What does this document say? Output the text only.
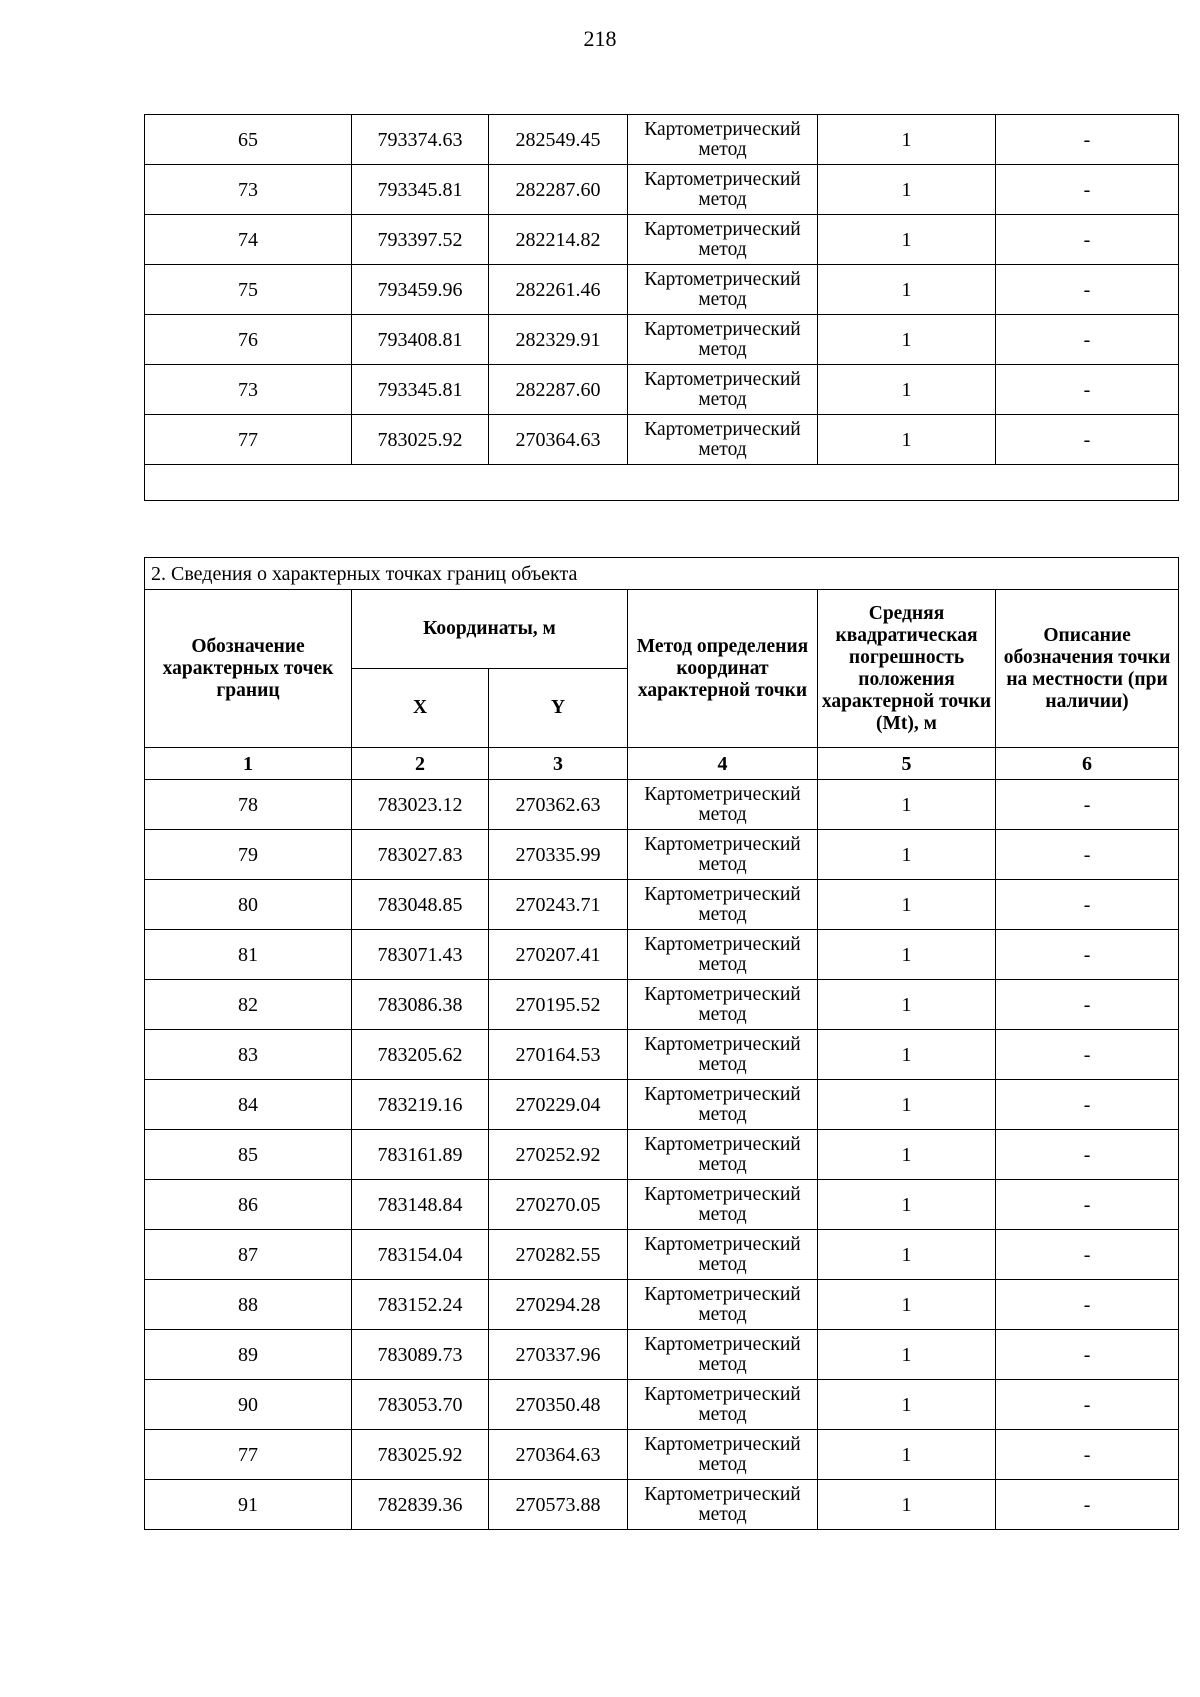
218
65	793374.63	282549.45	Картометрический метод	1	-
73	793345.81	282287.60	Картометрический метод	1	-
74	793397.52	282214.82	Картометрический метод	1	-
75	793459.96	282261.46	Картометрический метод	1	-
76	793408.81	282329.91	Картометрический метод	1	-
73	793345.81	282287.60	Картометрический метод	1	-
77	783025.92	270364.63	Картометрический метод	1	-

2. Сведения о характерных точках границ объекта					
Обозначение характерных точек границ	Координаты, м		Метод определения координат характерной точки	Средняя квадратическая погрешность положения характерной точки (Mt), м	Описание обозначения точки на местности (при наличии)
	X	Y			
1	2	3	4	5	6
78	783023.12	270362.63	Картометрический метод	1	-
79	783027.83	270335.99	Картометрический метод	1	-
80	783048.85	270243.71	Картометрический метод	1	-
81	783071.43	270207.41	Картометрический метод	1	-
82	783086.38	270195.52	Картометрический метод	1	-
83	783205.62	270164.53	Картометрический метод	1	-
84	783219.16	270229.04	Картометрический метод	1	-
85	783161.89	270252.92	Картометрический метод	1	-
86	783148.84	270270.05	Картометрический метод	1	-
87	783154.04	270282.55	Картометрический метод	1	-
88	783152.24	270294.28	Картометрический метод	1	-
89	783089.73	270337.96	Картометрический метод	1	-
90	783053.70	270350.48	Картометрический метод	1	-
77	783025.92	270364.63	Картометрический метод	1	-
91	782839.36	270573.88	Картометрический метод	1	-
